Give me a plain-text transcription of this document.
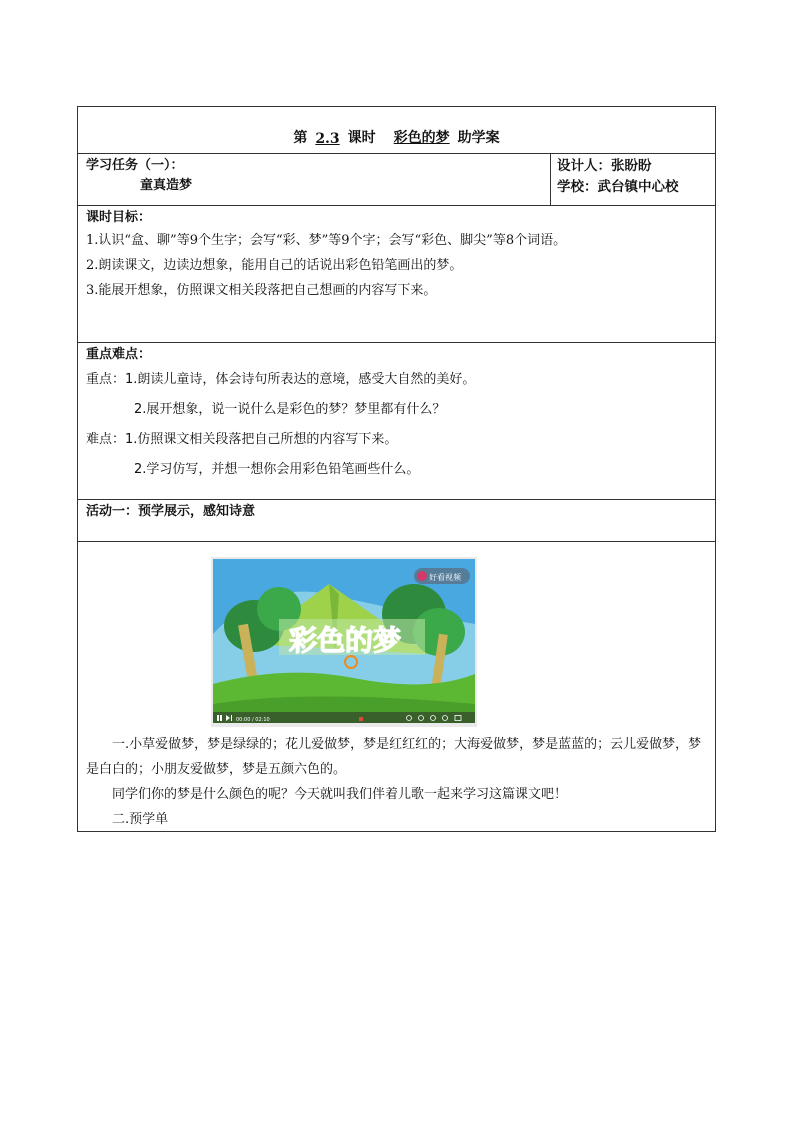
第 2.3 课时	彩色的梦 助学案
学习任务（一）：
童真造梦
设计人：张盼盼
学校：武台镇中心校
课时目标：
1.认识“盒、聊”等9个生字；会写“彩、梦”等9个字；会写“彩色、脚尖”等8个词语。
2.朗读课文，边读边想象，能用自己的话说出彩色铅笔画出的梦。
3.能展开想象，仿照课文相关段落把自己想画的内容写下来。
重点难点：
重点：1.朗读儿童诗，体会诗句所表达的意境，感受大自然的美好。
2.展开想象，说一说什么是彩色的梦？梦里都有什么？
难点：1.仿照课文相关段落把自己所想的内容写下来。
2.学习仿写，并想一想你会用彩色铅笔画些什么。
活动一：预学展示，感知诗意
彩色的梦
好看视频
00:00 / 02:10

一.小草爱做梦，梦是绿绿的；花儿爱做梦，梦是红红红的；大海爱做梦，梦是蓝蓝的；云儿爱做梦，梦是白白的；小朋友爱做梦，梦是五颜六色的。

同学们你的梦是什么颜色的呢？今天就叫我们伴着儿歌一起来学习这篇课文吧！

二.预学单
